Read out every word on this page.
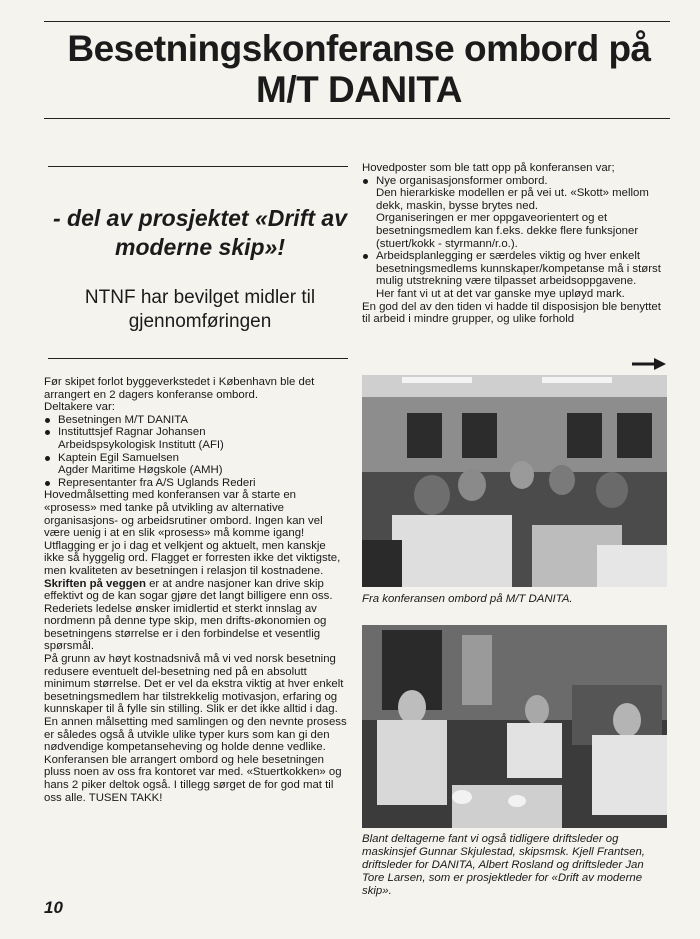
Besetningskonferanse ombord på M/T DANITA
- del av prosjektet «Drift av moderne skip»!
NTNF har bevilget midler til gjennomføringen

Før skipet forlot byggeverkstedet i København ble det arrangert en 2 dagers konferanse ombord.

Deltakere var:

Besetningen M/T DANITA
Instituttsjef Ragnar Johansen
Arbeidspsykologisk Institutt (AFI)
Kaptein Egil Samuelsen
Agder Maritime Høgskole (AMH)
Representanter fra A/S Uglands Rederi

Hovedmålsetting med konferansen var å starte en «prosess» med tanke på utvikling av alternative organisasjons- og arbeidsrutiner ombord. Ingen kan vel være uenig i at en slik «prosess» må komme igang!

Utflagging er jo i dag et velkjent og aktuelt, men kanskje ikke så hyggelig ord. Flagget er forresten ikke det viktigste, men kvaliteten av besetningen i relasjon til kostnadene.

Skriften på veggen er at andre nasjoner kan drive skip effektivt og de kan sogar gjøre det langt billigere enn oss. Rederiets ledelse ønsker imidlertid et sterkt innslag av nordmenn på denne type skip, men drifts-økonomien og besetningens størrelse er i den forbindelse et vesentlig spørsmål.

På grunn av høyt kostnadsnivå må vi ved norsk besetning redusere eventuelt del-besetning ned på en absolutt minimum størrelse. Det er vel da ekstra viktig at hver enkelt besetningsmedlem har tilstrekkelig motivasjon, erfaring og kunnskaper til å fylle sin stilling. Slik er det ikke alltid i dag.

En annen målsetting med samlingen og den nevnte prosess er således også å utvikle ulike typer kurs som kan gi den nødvendige kompetanseheving og holde denne vedlike.

Konferansen ble arrangert ombord og hele besetningen pluss noen av oss fra kontoret var med. «Stuertkokken» og hans 2 piker deltok også. I tillegg sørget de for god mat til oss alle. TUSEN TAKK!

Hovedposter som ble tatt opp på konferansen var;

Nye organisasjonsformer ombord.
Den hierarkiske modellen er på vei ut. «Skott» mellom dekk, maskin, bysse brytes ned.
Organiseringen er mer oppgaveorientert og et besetningsmedlem kan f.eks. dekke flere funksjoner (stuert/kokk - styrmann/r.o.).
Arbeidsplanlegging er særdeles viktig og hver enkelt besetningsmedlems kunnskaper/kompetanse må i størst mulig utstrekning være tilpasset arbeidsoppgavene.
Her fant vi ut at det var ganske mye upløyd mark.

En god del av den tiden vi hadde til disposisjon ble benyttet til arbeid i mindre grupper, og ulike forhold

Fra konferansen ombord på M/T DANITA.
Blant deltagerne fant vi også tidligere driftsleder og maskinsjef Gunnar Skjulestad, skipsmsk. Kjell Frantsen, driftsleder for DANITA, Albert Rosland og driftsleder Jan Tore Larsen, som er prosjektleder for «Drift av moderne skip».
10
